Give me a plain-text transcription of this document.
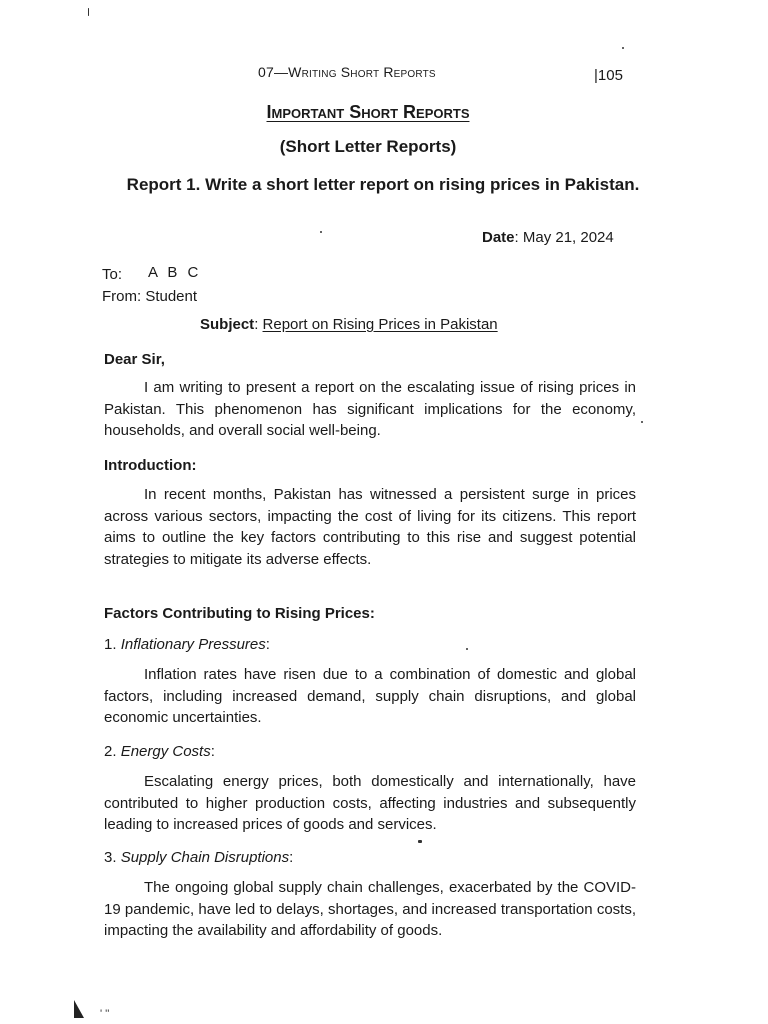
07—Writing Short Reports	|105
Important Short Reports
(Short Letter Reports)
Report 1. Write a short letter report on rising prices in Pakistan.
Date: May 21, 2024
To: A B C
From: Student
Subject: Report on Rising Prices in Pakistan
Dear Sir,
I am writing to present a report on the escalating issue of rising prices in Pakistan. This phenomenon has significant implications for the economy, households, and overall social well-being.
Introduction:
In recent months, Pakistan has witnessed a persistent surge in prices across various sectors, impacting the cost of living for its citizens. This report aims to outline the key factors contributing to this rise and suggest potential strategies to mitigate its adverse effects.
Factors Contributing to Rising Prices:
1. Inflationary Pressures:
Inflation rates have risen due to a combination of domestic and global factors, including increased demand, supply chain disruptions, and global economic uncertainties.
2. Energy Costs:
Escalating energy prices, both domestically and internationally, have contributed to higher production costs, affecting industries and subsequently leading to increased prices of goods and services.
3. Supply Chain Disruptions:
The ongoing global supply chain challenges, exacerbated by the COVID-19 pandemic, have led to delays, shortages, and increased transportation costs, impacting the availability and affordability of goods.
' ''
